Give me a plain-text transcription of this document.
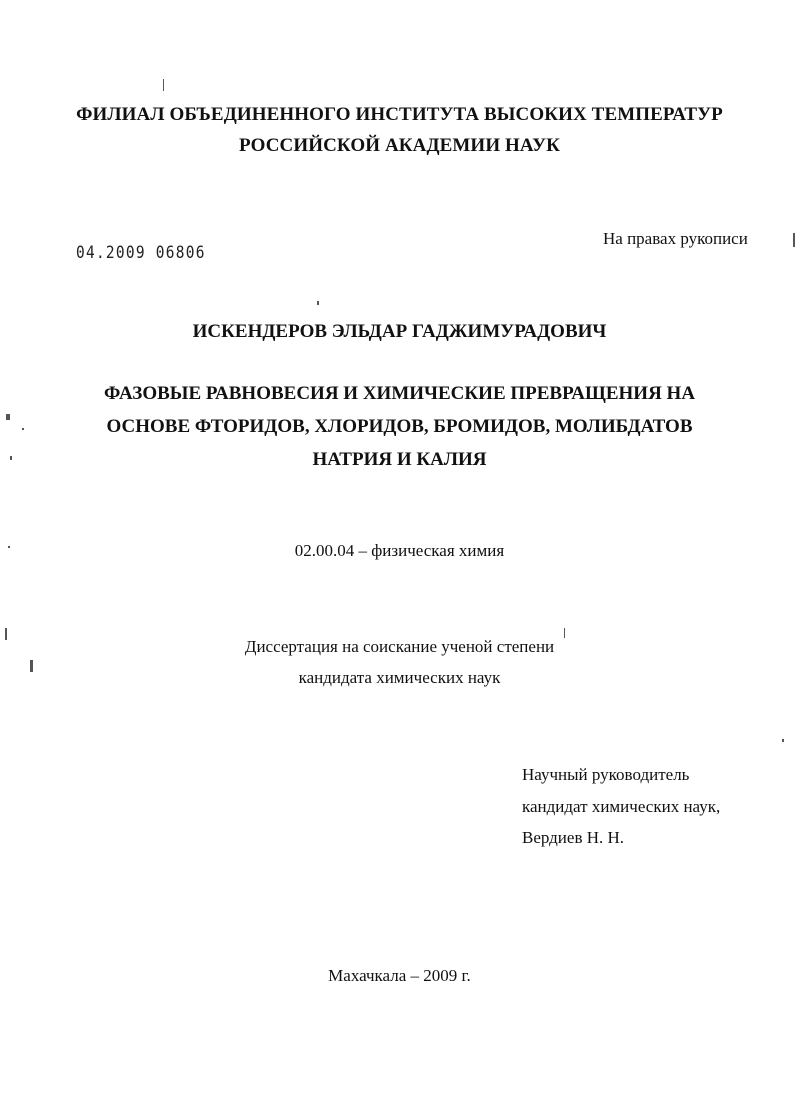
ФИЛИАЛ ОБЪЕДИНЕННОГО ИНСТИТУТА ВЫСОКИХ ТЕМПЕРАТУР
РОССИЙСКОЙ АКАДЕМИИ НАУК
04.2009 06806
На правах рукописи
ИСКЕНДЕРОВ ЭЛЬДАР ГАДЖИМУРАДОВИЧ
ФАЗОВЫЕ РАВНОВЕСИЯ И ХИМИЧЕСКИЕ ПРЕВРАЩЕНИЯ НА
ОСНОВЕ ФТОРИДОВ, ХЛОРИДОВ, БРОМИДОВ, МОЛИБДАТОВ
НАТРИЯ И КАЛИЯ
02.00.04 – физическая химия
Диссертация на соискание ученой степени
кандидата химических наук
Научный руководитель
кандидат химических наук,
Вердиев Н. Н.
Махачкала – 2009 г.
